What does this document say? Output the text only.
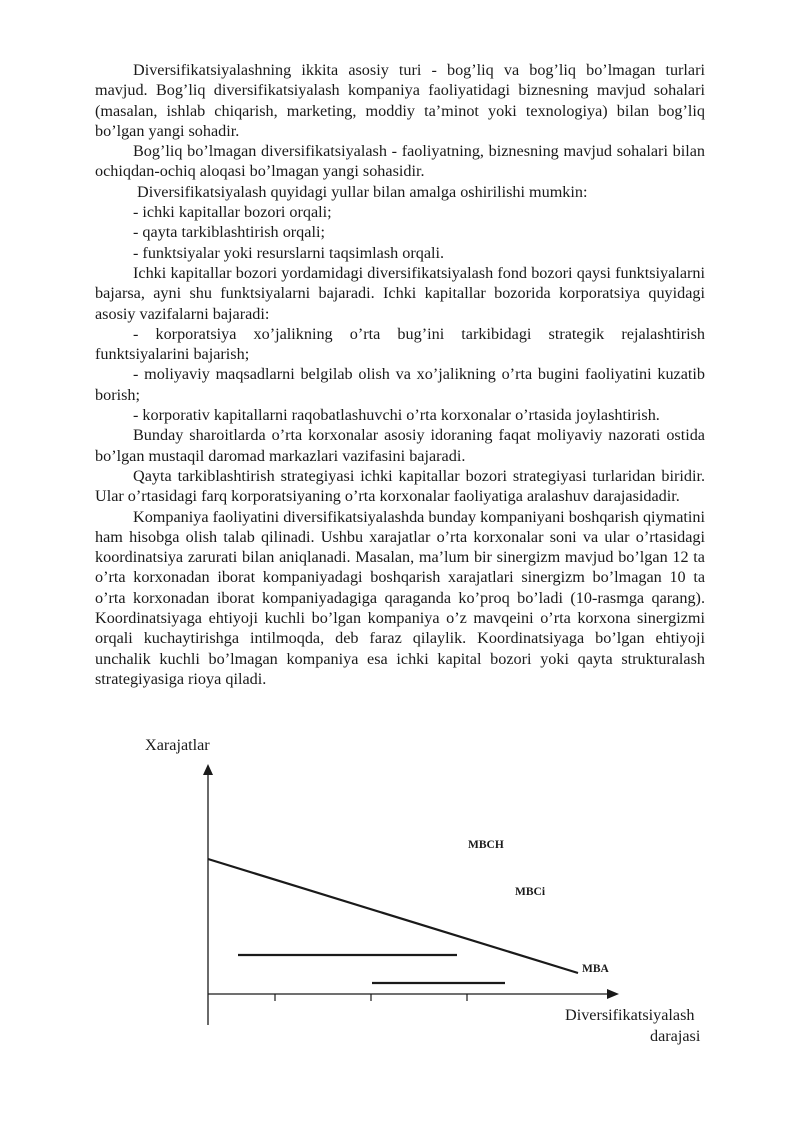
Diversifikatsiyalashning ikkita asosiy turi - bog’liq va bog’liq bo’lmagan turlari mavjud. Bog’liq diversifikatsiyalash kompaniya faoliyatidagi biznesning mavjud sohalari (masalan, ishlab chiqarish, marketing, moddiy ta’minot yoki texnologiya) bilan bog’liq bo’lgan yangi sohadir.

Bog’liq bo’lmagan diversifikatsiyalash - faoliyatning, biznesning mavjud sohalari bilan ochiqdan-ochiq aloqasi bo’lmagan yangi sohasidir.

Diversifikatsiyalash quyidagi yullar bilan amalga oshirilishi mumkin:

- ichki kapitallar bozori orqali;

- qayta tarkiblashtirish orqali;

- funktsiyalar yoki resurslarni taqsimlash orqali.

Ichki kapitallar bozori yordamidagi diversifikatsiyalash fond bozori qaysi funktsiyalarni bajarsa, ayni shu funktsiyalarni bajaradi. Ichki kapitallar bozorida korporatsiya quyidagi asosiy vazifalarni bajaradi:

- korporatsiya xo’jalikning o’rta bug’ini tarkibidagi strategik rejalashtirish funktsiyalarini bajarish;

- moliyaviy maqsadlarni belgilab olish va xo’jalikning o’rta bugini faoliyatini kuzatib borish;

- korporativ kapitallarni raqobatlashuvchi o’rta korxonalar o’rtasida joylashtirish.

Bunday sharoitlarda o’rta korxonalar asosiy idoraning faqat moliyaviy nazorati ostida bo’lgan mustaqil daromad markazlari vazifasini bajaradi.

Qayta tarkiblashtirish strategiyasi ichki kapitallar bozori strategiyasi turlaridan biridir. Ular o’rtasidagi farq korporatsiyaning o’rta korxonalar faoliyatiga aralashuv darajasidadir.

Kompaniya faoliyatini diversifikatsiyalashda bunday kompaniyani boshqarish qiymatini ham hisobga olish talab qilinadi. Ushbu xarajatlar o’rta korxonalar soni va ular o’rtasidagi koordinatsiya zarurati bilan aniqlanadi. Masalan, ma’lum bir sinergizm mavjud bo’lgan 12 ta o’rta korxonadan iborat kompaniyadagi boshqarish xarajatlari sinergizm bo’lmagan 10 ta o’rta korxonadan iborat kompaniyadagiga qaraganda ko’proq bo’ladi (10-rasmga qarang). Koordinatsiyaga ehtiyoji kuchli bo’lgan kompaniya o’z mavqeini o’rta korxona sinergizmi orqali kuchaytirishga intilmoqda, deb faraz qilaylik. Koordinatsiyaga bo’lgan ehtiyoji unchalik kuchli bo’lmagan kompaniya esa ichki kapital bozori yoki qayta strukturalash strategiyasiga rioya qiladi.

Xarajatlar
MBCH
MBCi
MBA
Diversifikatsiyalash
darajasi
